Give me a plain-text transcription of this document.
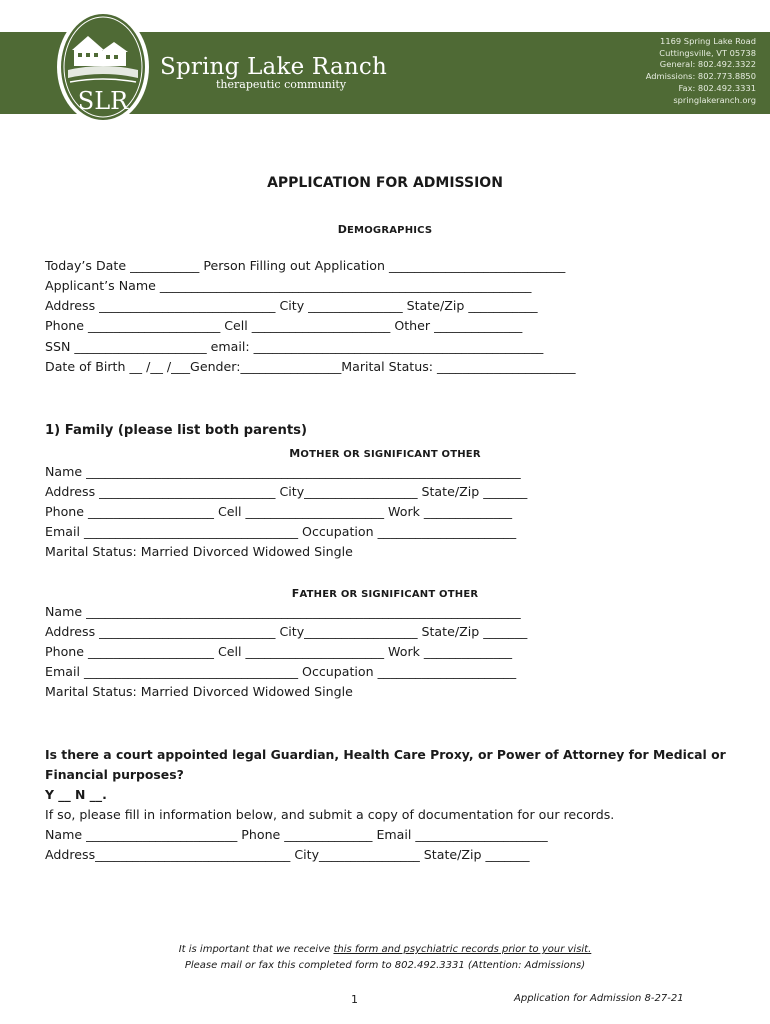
SLR
Spring Lake Ranch
therapeutic community
1169 Spring Lake Road
Cuttingsville, VT 05738
General: 802.492.3322
Admissions: 802.773.8850
Fax: 802.492.3331
springlakeranch.org
APPLICATION FOR ADMISSION
DEMOGRAPHICS
Today’s Date ___________ Person Filling out Application ____________________________
Applicant’s Name ___________________________________________________________
Address ____________________________ City _______________ State/Zip ___________
Phone _____________________ Cell ______________________ Other ______________
SSN _____________________ email: ______________________________________________
Date of Birth __ /__ /___Gender:________________Marital Status: ______________________
1) Family (please list both parents)
MOTHER OR SIGNIFICANT OTHER
Name _____________________________________________________________________
Address ____________________________ City__________________ State/Zip _______
Phone ____________________ Cell ______________________ Work ______________
Email __________________________________ Occupation ______________________
Marital Status: Married Divorced Widowed Single
FATHER OR SIGNIFICANT OTHER
Name _____________________________________________________________________
Address ____________________________ City__________________ State/Zip _______
Phone ____________________ Cell ______________________ Work ______________
Email __________________________________ Occupation ______________________
Marital Status: Married Divorced Widowed Single
Is there a court appointed legal Guardian, Health Care Proxy, or Power of Attorney for Medical or
Financial purposes?
Y __ N __.
If so, please fill in information below, and submit a copy of documentation for our records.
Name ________________________ Phone ______________ Email _____________________
Address_______________________________ City________________ State/Zip _______
It is important that we receive this form and psychiatric records prior to your visit.
Please mail or fax this completed form to 802.492.3331 (Attention: Admissions)
1	Application for Admission 8-27-21
